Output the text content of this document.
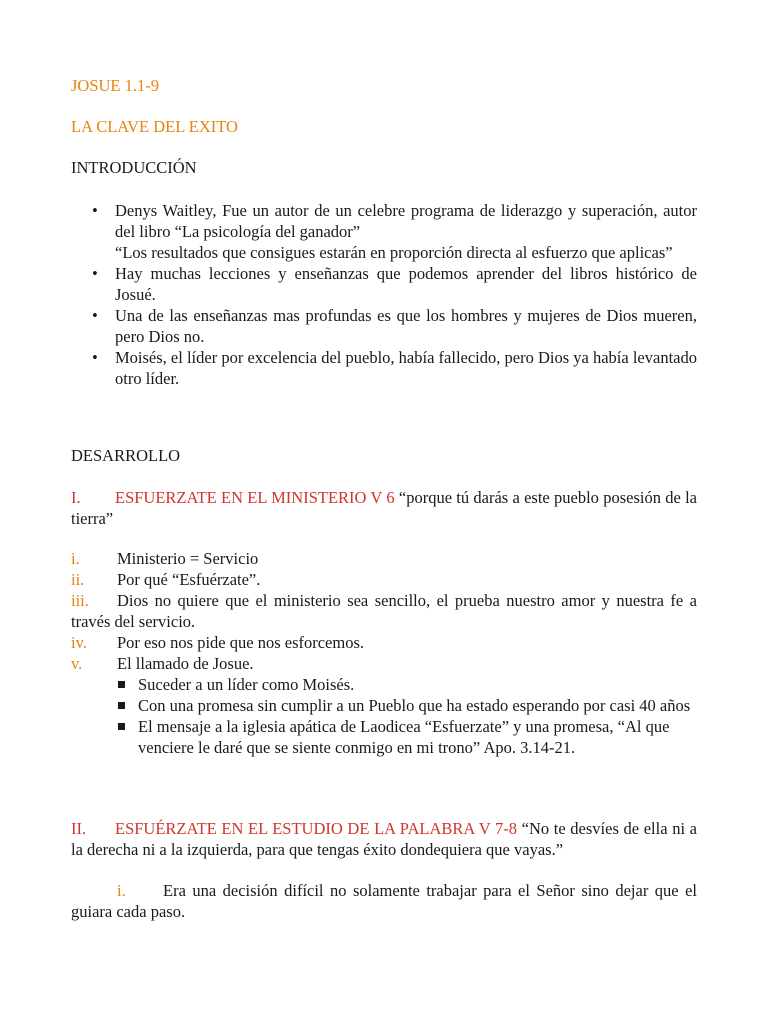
JOSUE 1.1-9
LA CLAVE DEL EXITO
INTRODUCCIÓN
• Denys Waitley, Fue un autor de un celebre programa de liderazgo y superación, autor del libro “La psicología del ganador”
“Los resultados que consigues estarán en proporción directa al esfuerzo que aplicas”
• Hay muchas lecciones y enseñanzas que podemos aprender del libros histórico de Josué.
• Una de las enseñanzas mas profundas es que los hombres y mujeres de Dios mueren, pero Dios no.
• Moisés, el líder por excelencia del pueblo, había fallecido, pero Dios ya había levantado otro líder.
DESARROLLO
I. ESFUERZATE EN EL MINISTERIO V 6 “porque tú darás a este pueblo posesión de la tierra”
i. Ministerio = Servicio
ii. Por qué “Esfuérzate”.
iii. Dios no quiere que el ministerio sea sencillo, el prueba nuestro amor y nuestra fe a través del servicio.
iv. Por eso nos pide que nos esforcemos.
v. El llamado de Josue.
Suceder a un líder como Moisés.
Con una promesa sin cumplir a un Pueblo que ha estado esperando por casi 40 años
El mensaje a la iglesia apática de Laodicea “Esfuerzate” y una promesa, “Al que venciere le daré que se siente conmigo en mi trono” Apo. 3.14-21.
II. ESFUÉRZATE EN EL ESTUDIO DE LA PALABRA V 7-8 “No te desvíes de ella ni a la derecha ni a la izquierda, para que tengas éxito dondequiera que vayas.”
i. Era una decisión difícil no solamente trabajar para el Señor sino dejar que el guiara cada paso.
